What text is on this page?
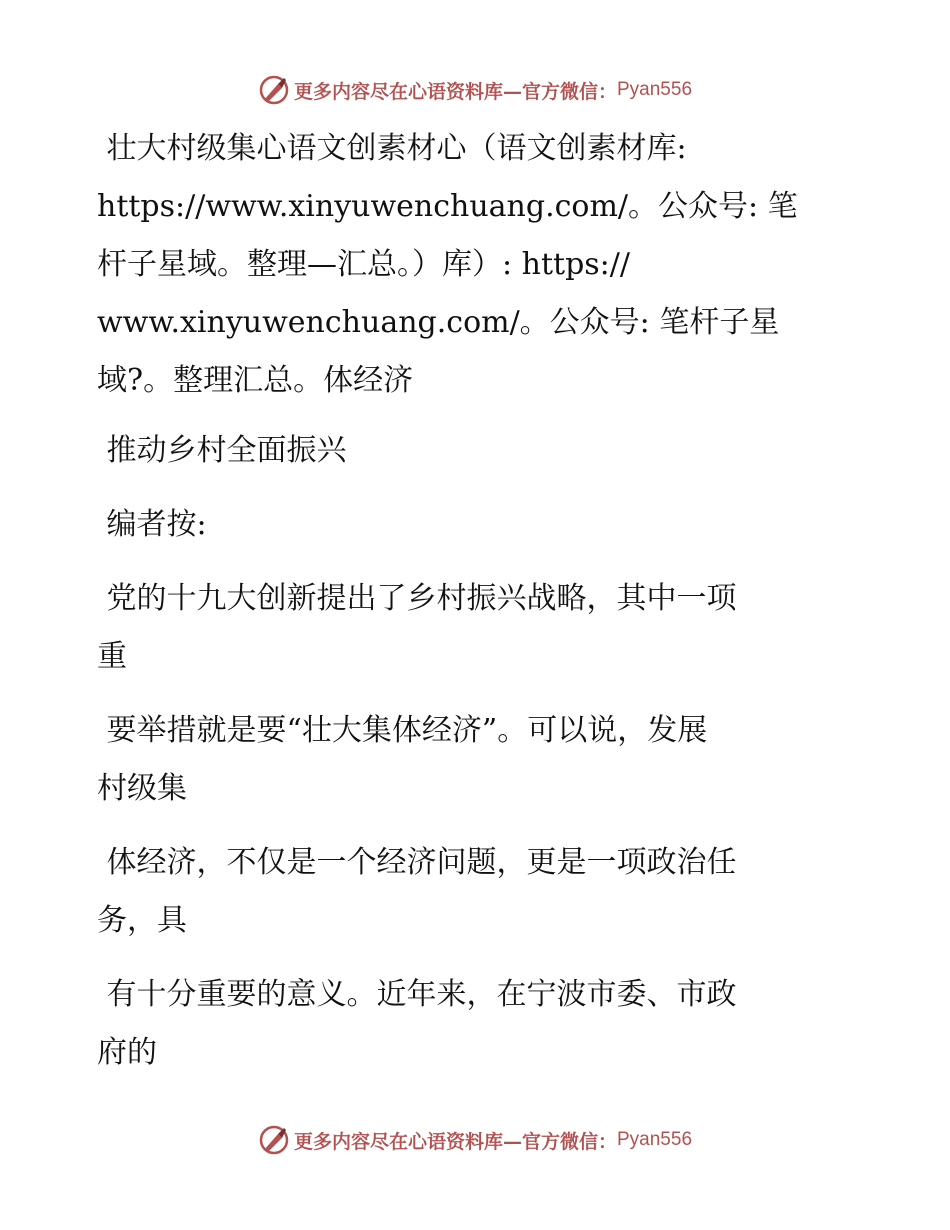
更多内容尽在心语资料库—官方微信： Pyan556

壮大村级集心语文创素材心（语文创素材库:
https://www.xinyuwenchuang.com/。公众号: 笔
杆子星域。整理—汇总。）库）: https://
www.xinyuwenchuang.com/。公众号: 笔杆子星
域?。整理汇总。体经济

推动乡村全面振兴

编者按:

党的十九大创新提出了乡村振兴战略，其中一项
重

要举措就是要“壮大集体经济”。可以说，发展
村级集

体经济，不仅是一个经济问题，更是一项政治任
务，具

有十分重要的意义。近年来，在宁波市委、市政
府的

更多内容尽在心语资料库—官方微信： Pyan556
